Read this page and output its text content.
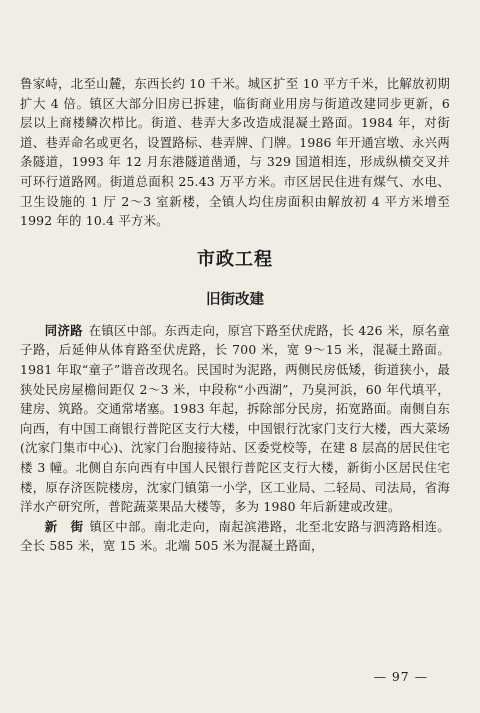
鲁家峙，北至山麓，东西长约 10 千米。城区扩至 10 平方千米，比解放初期扩大 4 倍。镇区大部分旧房已拆建，临街商业用房与街道改建同步更新，6 层以上商楼鳞次栉比。街道、巷弄大多改造成混凝土路面。1984 年，对街道、巷弄命名或更名，设置路标、巷弄牌、门牌。1986 年开通宫墩、永兴两条隧道，1993 年 12 月东港隧道凿通，与 329 国道相连，形成纵横交叉并可环行道路网。街道总面积 25.43 万平方米。市区居民住进有煤气、水电、卫生设施的 1 厅 2～3 室新楼，全镇人均住房面积由解放初 4 平方米增至 1992 年的 10.4 平方米。

市政工程
旧街改建

同济路 在镇区中部。东西走向，原宫下路至伏虎路，长 426 米，原名童子路，后延伸从体育路至伏虎路，长 700 米，宽 9～15 米，混凝土路面。1981 年取“童子”谐音改现名。民国时为泥路，两侧民房低矮，街道狭小，最狭处民房屋檐间距仅 2～3 米，中段称“小西湖”，乃臭河浜，60 年代填平，建房、筑路。交通常堵塞。1983 年起，拆除部分民房，拓宽路面。南侧自东向西，有中国工商银行普陀区支行大楼，中国银行沈家门支行大楼，西大菜场(沈家门集市中心)、沈家门台胞接待站、区委党校等，在建 8 层高的居民住宅楼 3 幢。北侧自东向西有中国人民银行普陀区支行大楼，新街小区居民住宅楼，原存济医院楼房，沈家门镇第一小学，区工业局、二轻局、司法局，省海洋水产研究所，普陀蔬菜果品大楼等，多为 1980 年后新建或改建。

新　街 镇区中部。南北走向，南起滨港路，北至北安路与泗湾路相连。全长 585 米，宽 15 米。北端 505 米为混凝土路面，

— 97 —
